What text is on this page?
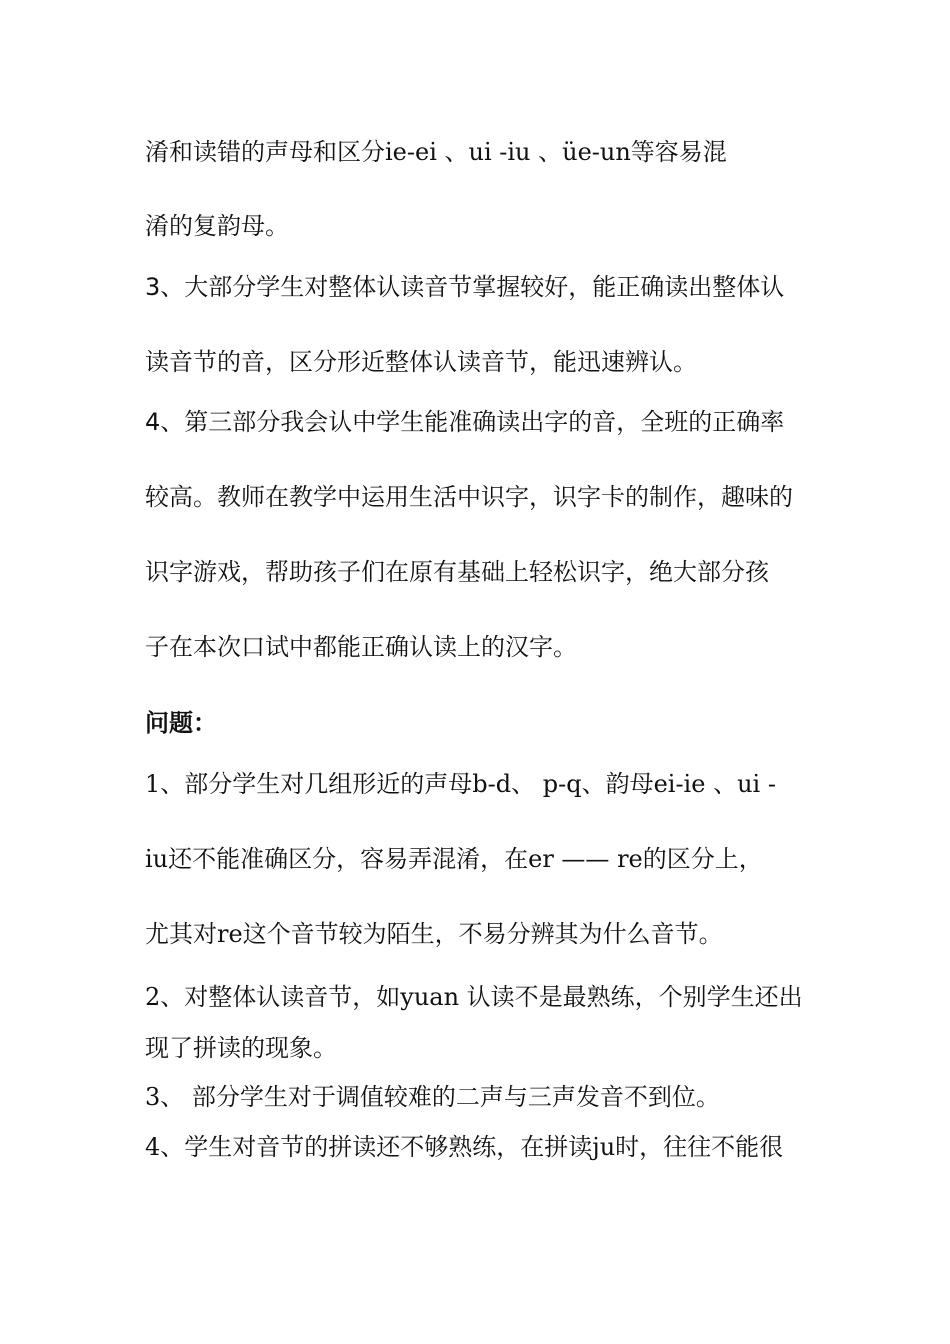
淆和读错的声母和区分ie-ei 、ui -iu 、üe-un等容易混
淆的复韵母。
3、大部分学生对整体认读音节掌握较好，能正确读出整体认
读音节的音，区分形近整体认读音节，能迅速辨认。
4、第三部分我会认中学生能准确读出字的音，全班的正确率
较高。教师在教学中运用生活中识字，识字卡的制作，趣味的
识字游戏，帮助孩子们在原有基础上轻松识字，绝大部分孩
子在本次口试中都能正确认读上的汉字。
问题：
1、部分学生对几组形近的声母b-d、 p-q、韵母ei-ie 、ui -
iu还不能准确区分，容易弄混淆，在er —— re的区分上，
尤其对re这个音节较为陌生，不易分辨其为什么音节。
2、对整体认读音节，如yuan 认读不是最熟练，个别学生还出
现了拼读的现象。
3、 部分学生对于调值较难的二声与三声发音不到位。
4、学生对音节的拼读还不够熟练，在拼读ju时，往往不能很
